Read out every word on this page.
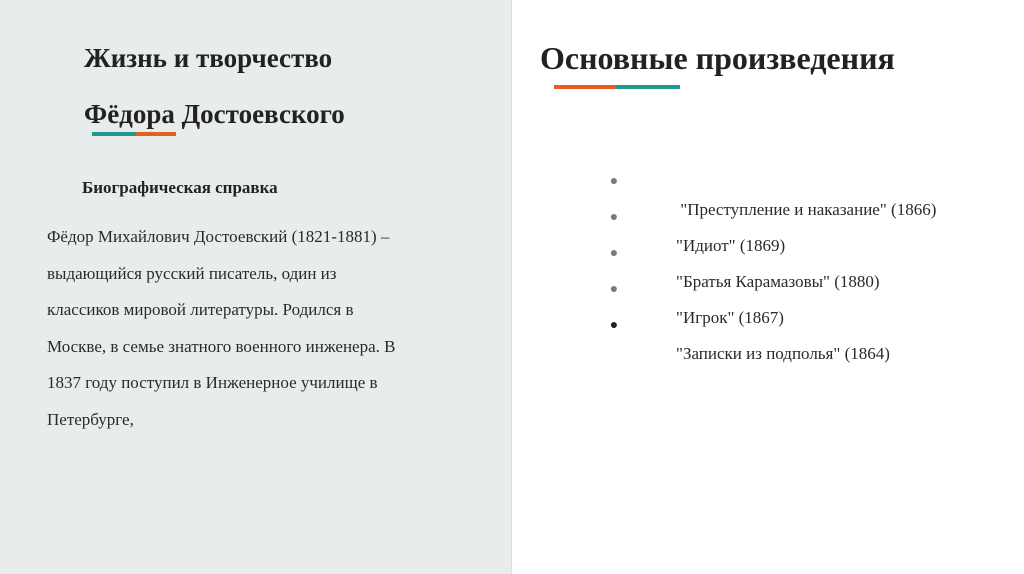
Жизнь и творчество
Фёдора Достоевского
Биографическая справка

Фёдор Михайлович Достоевский (1821-1881) –
выдающийся русский писатель, один из
классиков мировой литературы. Родился в
Москве, в семье знатного военного инженера. В
1837 году поступил в Инженерное училище в
Петербурге,

Основные произведения

●
"Преступление и наказание" (1866)

●
"Идиот" (1869)

●
"Братья Карамазовы" (1880)

●
"Игрок" (1867)

●
"Записки из подполья" (1864)
